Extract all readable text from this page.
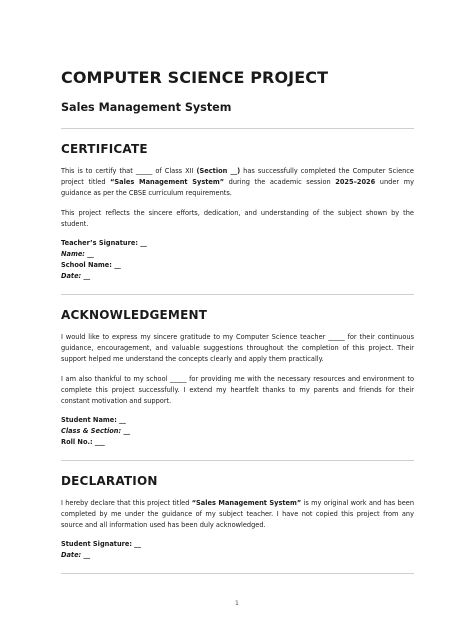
COMPUTER SCIENCE PROJECT
Sales Management System
CERTIFICATE

This is to certify that _____ of Class XII (Section __) has successfully completed the Computer Science project titled “Sales Management System” during the academic session 2025–2026 under my guidance as per the CBSE curriculum requirements.

This project reflects the sincere efforts, dedication, and understanding of the subject shown by the student.

Teacher’s Signature: __
Name: __
School Name: __
Date: __
ACKNOWLEDGEMENT

I would like to express my sincere gratitude to my Computer Science teacher _____ for their continuous guidance, encouragement, and valuable suggestions throughout the completion of this project. Their support helped me understand the concepts clearly and apply them practically.

I am also thankful to my school _____ for providing me with the necessary resources and environment to complete this project successfully. I extend my heartfelt thanks to my parents and friends for their constant motivation and support.

Student Name: __
Class & Section: __
Roll No.: ___
DECLARATION

I hereby declare that this project titled “Sales Management System” is my original work and has been completed by me under the guidance of my subject teacher. I have not copied this project from any source and all information used has been duly acknowledged.

Student Signature: __
Date: __
1
